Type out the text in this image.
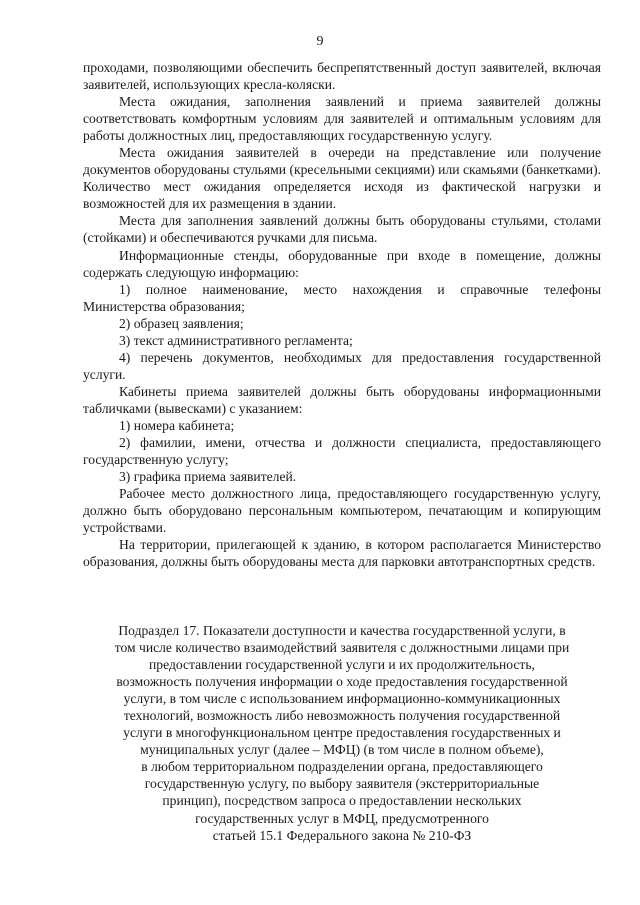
9

проходами, позволяющими обеспечить беспрепятственный доступ заявителей, включая заявителей, использующих кресла-коляски.

Места ожидания, заполнения заявлений и приема заявителей должны соответствовать комфортным условиям для заявителей и оптимальным условиям для работы должностных лиц, предоставляющих государственную услугу.

Места ожидания заявителей в очереди на представление или получение документов оборудованы стульями (кресельными секциями) или скамьями (банкетками). Количество мест ожидания определяется исходя из фактической нагрузки и возможностей для их размещения в здании.

Места для заполнения заявлений должны быть оборудованы стульями, столами (стойками) и обеспечиваются ручками для письма.

Информационные стенды, оборудованные при входе в помещение, должны содержать следующую информацию:

1) полное наименование, место нахождения и справочные телефоны Министерства образования;

2) образец заявления;

3) текст административного регламента;

4) перечень документов, необходимых для предоставления государственной услуги.

Кабинеты приема заявителей должны быть оборудованы информационными табличками (вывесками) с указанием:

1) номера кабинета;

2) фамилии, имени, отчества и должности специалиста, предоставляющего государственную услугу;

3) графика приема заявителей.

Рабочее место должностного лица, предоставляющего государственную услугу, должно быть оборудовано персональным компьютером, печатающим и копирующим устройствами.

На территории, прилегающей к зданию, в котором располагается Министерство образования, должны быть оборудованы места для парковки автотранспортных средств.

Подраздел 17. Показатели доступности и качества государственной услуги, в
том числе количество взаимодействий заявителя с должностными лицами при
предоставлении государственной услуги и их продолжительность,
возможность получения информации о ходе предоставления государственной
услуги, в том числе с использованием информационно-коммуникационных
технологий, возможность либо невозможность получения государственной
услуги в многофункциональном центре предоставления государственных и
муниципальных услуг (далее – МФЦ) (в том числе в полном объеме),
в любом территориальном подразделении органа, предоставляющего
государственную услугу, по выбору заявителя (экстерриториальные
принцип), посредством запроса о предоставлении нескольких
государственных услуг в МФЦ, предусмотренного
статьей 15.1 Федерального закона № 210-ФЗ
